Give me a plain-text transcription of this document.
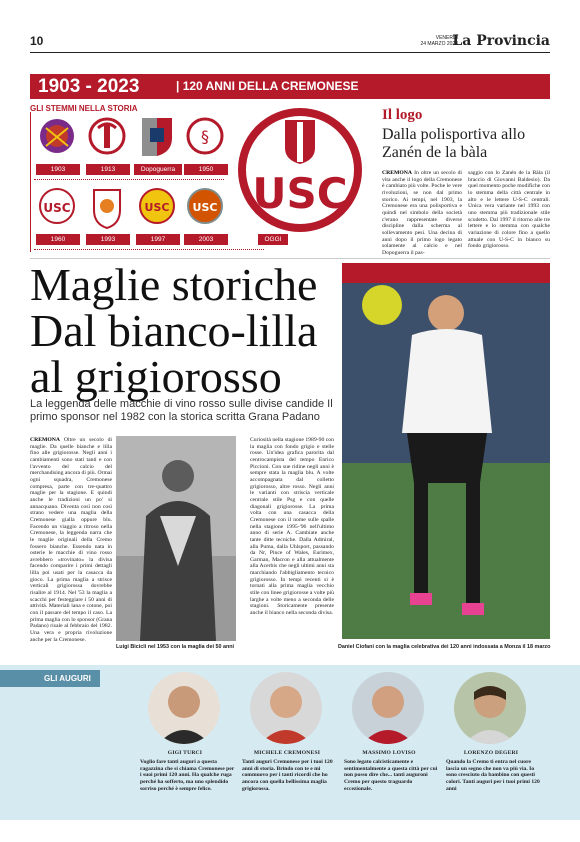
10	VENERDÌ
24 MARZO 2023
La Provincia
1903 - 2023	| 120 ANNI DELLA CREMONESE
GLI STEMMI NELLA STORIA
§
1903	1913	Dopoguerra	1950
USC	USC USC
1960	1993	1997	2003
USC
OGGI
Il logo
Dalla polisportiva allo Zanén de la bàla
CREMONA In oltre un secolo di vita anche il logo della Cremonese è cambiato più volte. Poche le vere rivoluzioni, se non dal primo storico. Ai tempi, nel 1903, la Cremonese era una polisportiva e quindi nel simbolo della società c'erano rappresentate diverse discipline dalla scherma al sollevamento pesi. Una decina di anni dopo il primo logo legato solamente al calcio e nel Dopoguerra il pas-
saggio con lo Zanén de la Bàla (il braccio di Giovanni Baldesio). Da quel momento poche modifiche con lo stemma della città centrale in alto e le lettere U-S-C centrali. Unica vera variante nel 1993 con uno stemma più tradizionale stile scudetto. Dal 1997 il ritorno alle tre lettere e lo stemma con qualche variazione di colore fino a quello attuale con U-S-C in bianco su fondo grigiorosso.
Maglie storiche Dal bianco-lilla al grigiorosso
La leggenda delle macchie di vino rosso sulle divise candide Il primo sponsor nel 1982 con la storica scritta Grana Padano
CREMONA Oltre un secolo di maglie. Da quelle bianche e lilla fino alle grigiorosse. Negli anni i cambiamenti sono stati tanti e con l'avvento del calcio del merchandising ancora di più. Ormai ogni squadra, Cremonese compresa, parte con tre-quattro maglie per la stagione. E quindi anche le tradizioni un po' si annacquano. Diventa così non così strano vedere una maglia della Cremonese gialla oppure blu. Facendo un viaggio a ritroso nella Cremonese, la leggenda narra che le maglie originali della Cremo fossero bianche. Essendo nata in osterie le macchie di vino rosso avrebbero «trovinato» la divisa facendo comparire i primi dettagli lilla poi usati per la casacca da gioco. La prima maglia a strisce verticali grigiorossa dovrebbe risalire al 1914. Nel '53 la maglia a scacchi per festeggiare i 50 anni di attività. Materiali lana e cotone, poi con il passare del tempo il caso. La prima maglia con lo sponsor (Grana Padano) risale al febbraio del 1982. Una vera e propria rivoluzione anche per la Cremonese.
Luigi Bicicli nel 1953 con la maglia dei 50 anni
Curiosità nella stagione 1989-90 con la maglia con fondo grigio e stelle rosse. Un'idea grafica parorita dal centrocampista del tempo Enrico Piccioni. Con sue ridine negli anni è sempre stata la maglia blu. A volte accompagnata dal colletto grigiorosso, altre rosso. Negli anni le varianti con striscia verticale centrale stile Psg e con quelle diagonali grigiorosse. La prima volta con una casacca della Cremonese con il nome sulle spalle nella stagione 1995-'96 nell'ultimo anno di serie A. Cambiate anche tante ditte tecniche. Dalla Admiral, alla Puma, dalla Uhlsport, passando da Nr, Pince of Wales, Eurimex, Garman, Macron e alla attualmente alla Acerbis che negli ultimi anni sta marchiando l'abbigliamento tecnico grigiorosso. In tempi recenti si è tornati alla prima maglia vecchio stile con linee grigiorosse a volte più larghe a volte meno a seconda delle stagioni. Storicamente presente anche il bianco nella seconda divisa.
Daniel Ciofani con la maglia celebrativa dei 120 anni indossata a Monza il 18 marzo
GLI AUGURI
GIGI TURCI	MICHELE CREMONESI	MASSIMO LOVISO	LORENZO DEGERI
Voglio fare tanti auguri a questa ragazzina che si chiama Cremonese per i suoi primi 120 anni. Ha qualche ruga perché ha sofferto, ma uno splendido sorriso perché è sempre felice.
Tanti auguri Cremonese per i tuoi 120 anni di storia. Brindo con te e mi commuovo per i tanti ricordi che ho ancora con quella bellissima maglia grigiorossa.
Sono legato calcisticamente e sentimentalmente a questa città per cui non posso dire che... tanti auguroni Cremo per questo traguardo eccezionale.
Quando la Cremo ti entra nel cuore lascia un segno che non va più via. Io sono cresciuto da bambino con questi colori. Tanti auguri per i tuoi primi 120 anni
